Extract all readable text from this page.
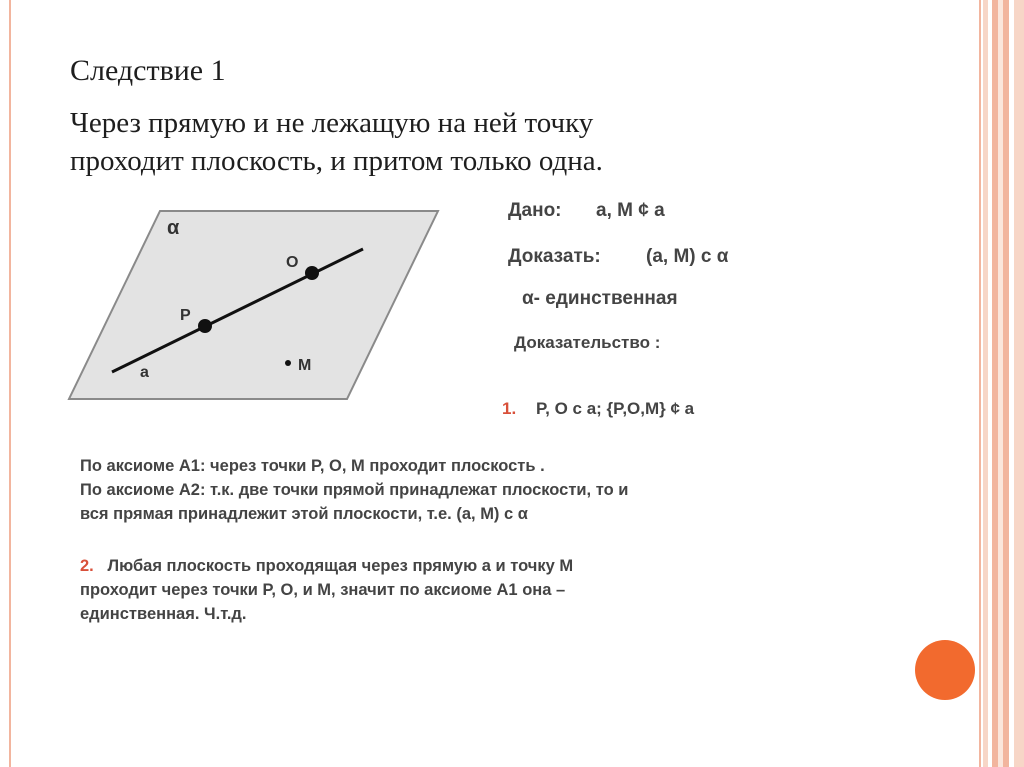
Следствие 1

Через прямую и не лежащую на ней точку
проходит плоскость, и притом только одна.

α
a
O
P
M
Дано: a, M ¢ a
Доказать: (a, M) с α
α- единственная
Доказательство :
1. P, O с a; {P,O,M} ¢ a

По аксиоме А1: через точки P, O, M проходит плоскость .
По аксиоме А2: т.к. две точки прямой принадлежат плоскости, то и
вся прямая принадлежит этой плоскости, т.е. (a, M) с α

2. Любая плоскость проходящая через прямую a и точку M
проходит через точки P, O, и M, значит по аксиоме А1 она –
единственная. Ч.т.д.
